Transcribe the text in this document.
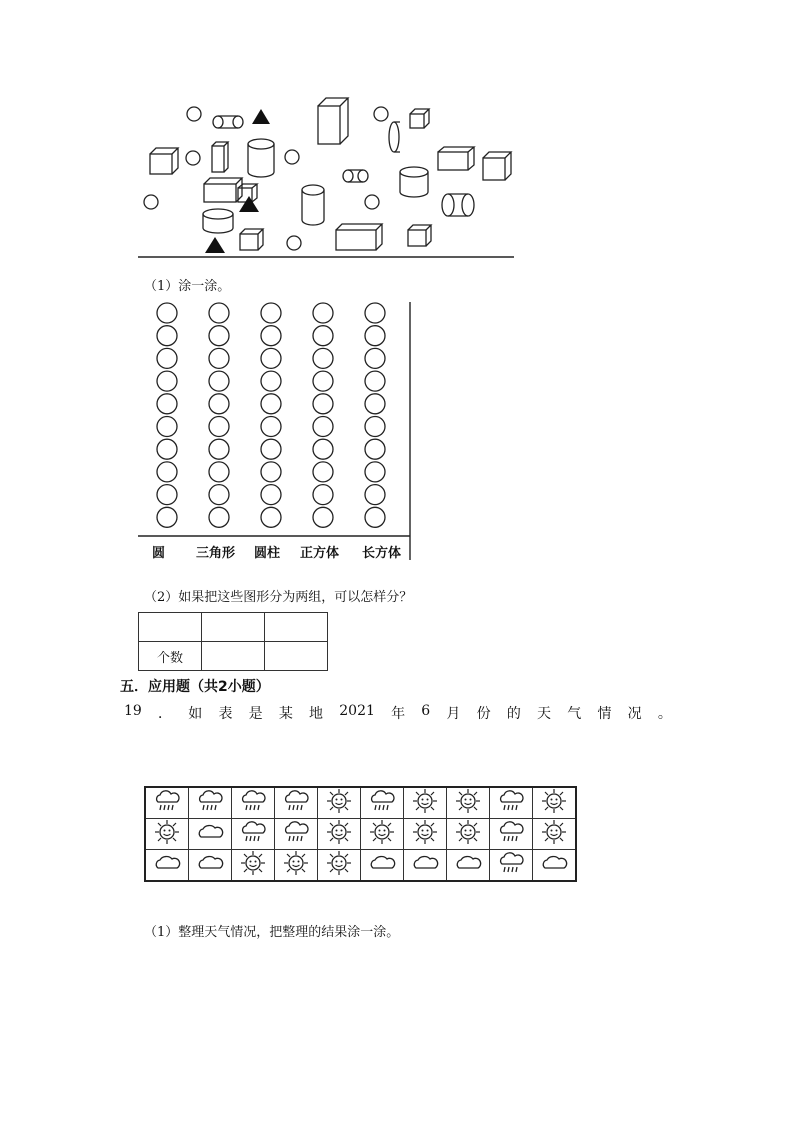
（1）涂一涂。
圆 三角形 圆柱 正方体 长方体
（2）如果把这些图形分为两组，可以怎样分？

个数		
五．应用题（共2小题）
19 ． 如 表 是 某 地 2021 年 6 月 份 的 天 气 情 况 。

（1）整理天气情况，把整理的结果涂一涂。
